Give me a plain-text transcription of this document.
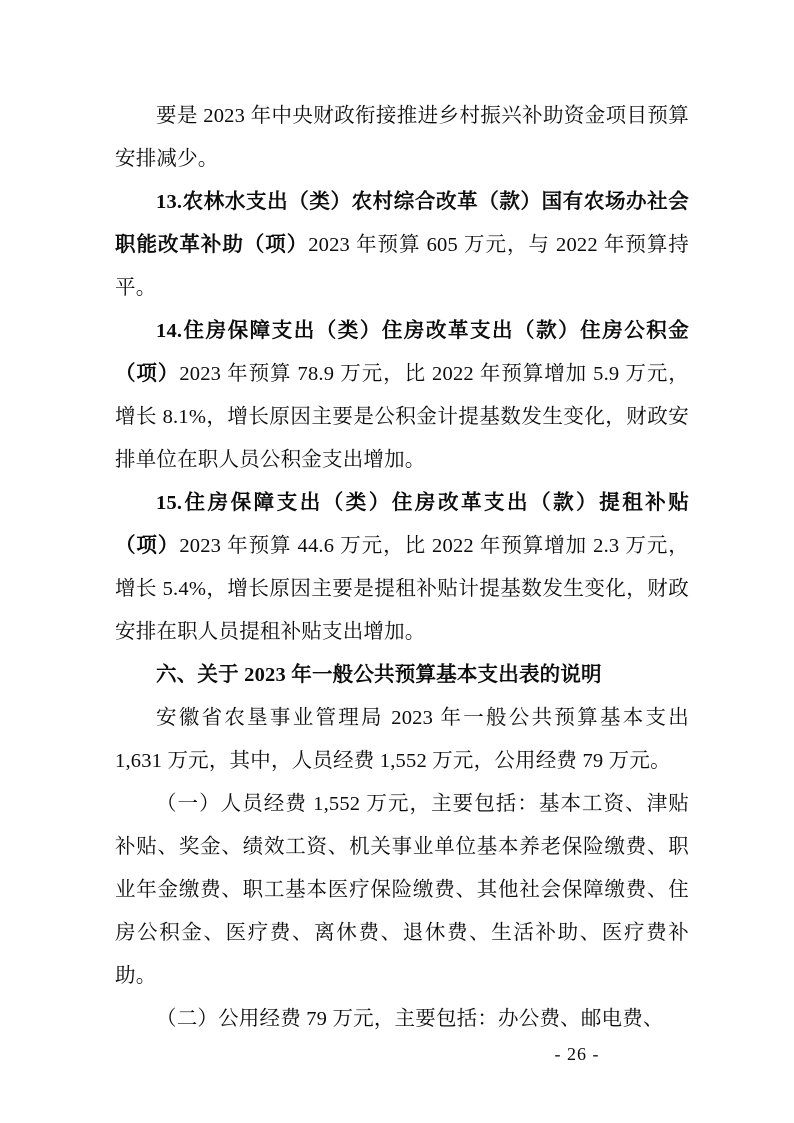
要是 2023 年中央财政衔接推进乡村振兴补助资金项目预算安排减少。

13.农林水支出（类）农村综合改革（款）国有农场办社会职能改革补助（项）2023 年预算 605 万元，与 2022 年预算持平。

14.住房保障支出（类）住房改革支出（款）住房公积金（项）2023 年预算 78.9 万元，比 2022 年预算增加 5.9 万元，增长 8.1%，增长原因主要是公积金计提基数发生变化，财政安排单位在职人员公积金支出增加。

15.住房保障支出（类）住房改革支出（款）提租补贴（项）2023 年预算 44.6 万元，比 2022 年预算增加 2.3 万元，增长 5.4%，增长原因主要是提租补贴计提基数发生变化，财政安排在职人员提租补贴支出增加。

六、关于 2023 年一般公共预算基本支出表的说明

安徽省农垦事业管理局 2023 年一般公共预算基本支出 1,631 万元，其中，人员经费 1,552 万元，公用经费 79 万元。

（一）人员经费 1,552 万元，主要包括：基本工资、津贴补贴、奖金、绩效工资、机关事业单位基本养老保险缴费、职业年金缴费、职工基本医疗保险缴费、其他社会保障缴费、住房公积金、医疗费、离休费、退休费、生活补助、医疗费补助。

（二）公用经费 79 万元，主要包括：办公费、邮电费、

- 26 -
